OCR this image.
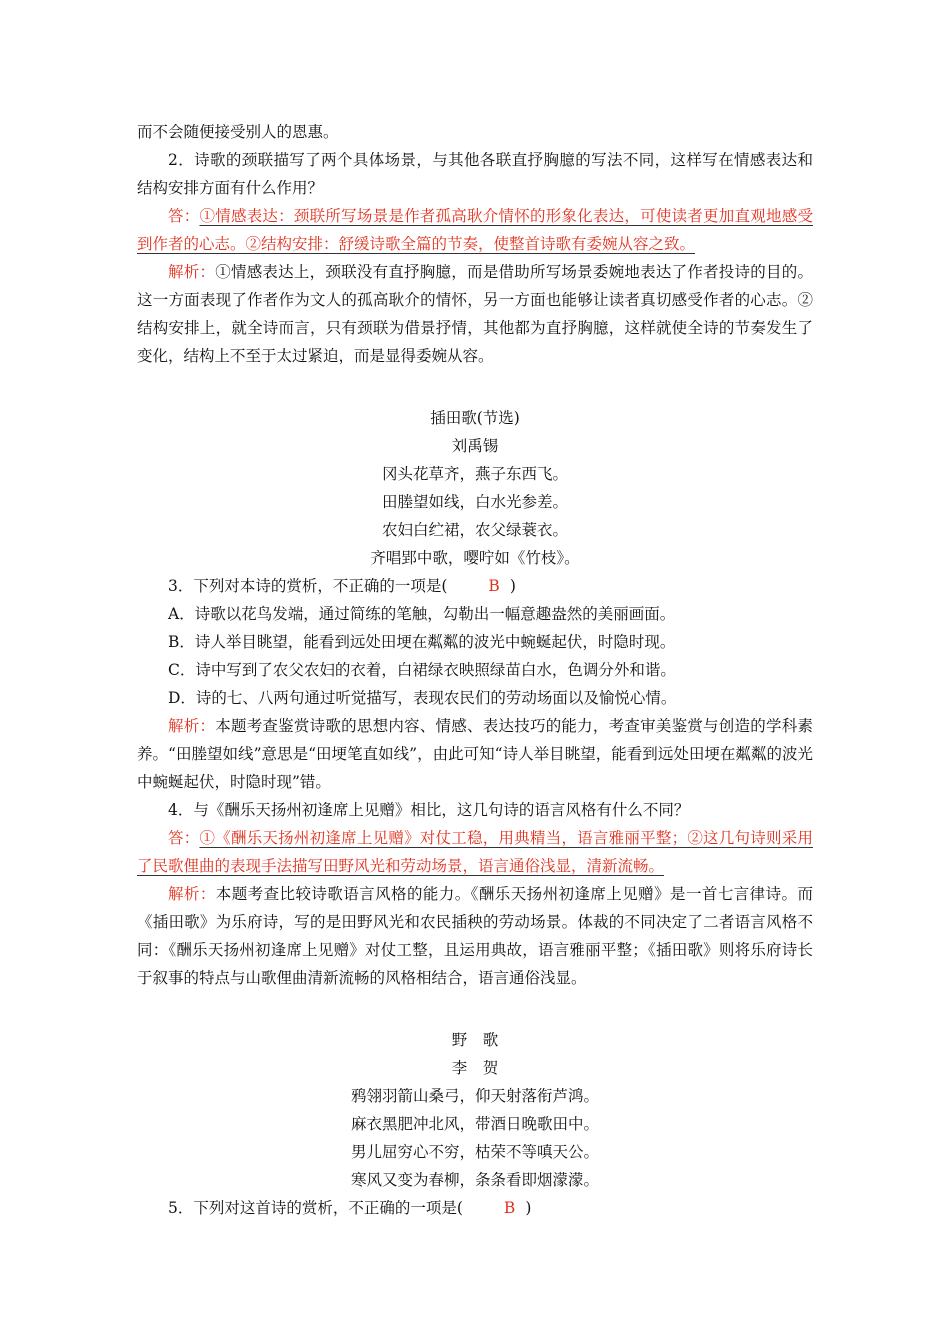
而不会随便接受别人的恩惠。

2．诗歌的颈联描写了两个具体场景，与其他各联直抒胸臆的写法不同，这样写在情感表达和结构安排方面有什么作用？

答：①情感表达：颈联所写场景是作者孤高耿介情怀的形象化表达，可使读者更加直观地感受到作者的心志。②结构安排：舒缓诗歌全篇的节奏，使整首诗歌有委婉从容之致。

解析：①情感表达上，颈联没有直抒胸臆，而是借助所写场景委婉地表达了作者投诗的目的。这一方面表现了作者作为文人的孤高耿介的情怀，另一方面也能够让读者真切感受作者的心志。②结构安排上，就全诗而言，只有颈联为借景抒情，其他都为直抒胸臆，这样就使全诗的节奏发生了变化，结构上不至于太过紧迫，而是显得委婉从容。

插田歌(节选)

刘禹锡

冈头花草齐，燕子东西飞。

田塍望如线，白水光参差。

农妇白纻裙，农父绿蓑衣。

齐唱郢中歌，嘤咛如《竹枝》。

3．下列对本诗的赏析，不正确的一项是(	B )

A．诗歌以花鸟发端，通过简练的笔触，勾勒出一幅意趣盎然的美丽画面。

B．诗人举目眺望，能看到远处田埂在粼粼的波光中蜿蜒起伏，时隐时现。

C．诗中写到了农父农妇的衣着，白裙绿衣映照绿苗白水，色调分外和谐。

D．诗的七、八两句通过听觉描写，表现农民们的劳动场面以及愉悦心情。

解析：本题考查鉴赏诗歌的思想内容、情感、表达技巧的能力，考查审美鉴赏与创造的学科素养。“田塍望如线”意思是“田埂笔直如线”，由此可知“诗人举目眺望，能看到远处田埂在粼粼的波光中蜿蜒起伏，时隐时现”错。

4．与《酬乐天扬州初逢席上见赠》相比，这几句诗的语言风格有什么不同？

答：①《酬乐天扬州初逢席上见赠》对仗工稳，用典精当，语言雅丽平整；②这几句诗则采用了民歌俚曲的表现手法描写田野风光和劳动场景，语言通俗浅显，清新流畅。

解析：本题考查比较诗歌语言风格的能力。《酬乐天扬州初逢席上见赠》是一首七言律诗。而《插田歌》为乐府诗，写的是田野风光和农民插秧的劳动场景。体裁的不同决定了二者语言风格不同：《酬乐天扬州初逢席上见赠》对仗工整，且运用典故，语言雅丽平整；《插田歌》则将乐府诗长于叙事的特点与山歌俚曲清新流畅的风格相结合，语言通俗浅显。

野　歌

李　贺

鸦翎羽箭山桑弓，仰天射落衔芦鸿。

麻衣黑肥冲北风，带酒日晚歌田中。

男儿屈穷心不穷，枯荣不等嗔天公。

寒风又变为春柳，条条看即烟濛濛。

5．下列对这首诗的赏析，不正确的一项是(	B )
